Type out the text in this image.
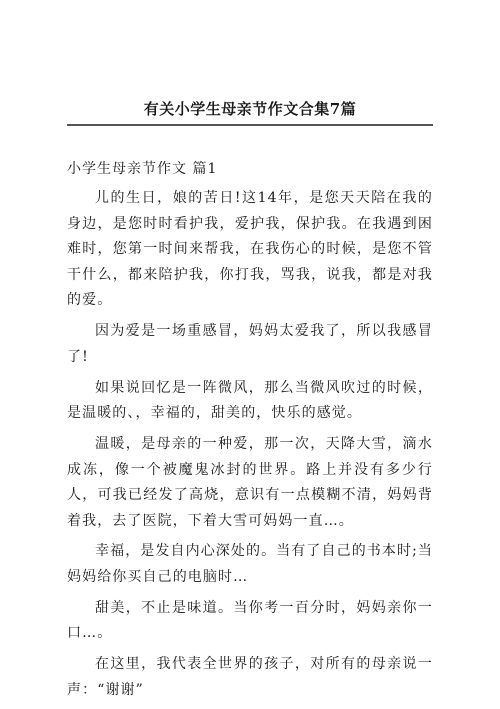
有关小学生母亲节作文合集7篇
小学生母亲节作文 篇1

儿的生日，娘的苦日!这14年，是您天天陪在我的身边，是您时时看护我，爱护我，保护我。在我遇到困难时，您第一时间来帮我，在我伤心的时候，是您不管干什么，都来陪护我，你打我，骂我，说我，都是对我的爱。

因为爱是一场重感冒，妈妈太爱我了，所以我感冒了!

如果说回忆是一阵微风，那么当微风吹过的时候，是温暖的、，幸福的，甜美的，快乐的感觉。

温暖，是母亲的一种爱，那一次，天降大雪，滴水成冻，像一个被魔鬼冰封的世界。路上并没有多少行人，可我已经发了高烧，意识有一点模糊不清，妈妈背着我，去了医院，下着大雪可妈妈一直…。

幸福，是发自内心深处的。当有了自己的书本时;当妈妈给你买自己的电脑时…

甜美，不止是味道。当你考一百分时，妈妈亲你一口…。

在这里，我代表全世界的孩子，对所有的母亲说一声：“谢谢”
